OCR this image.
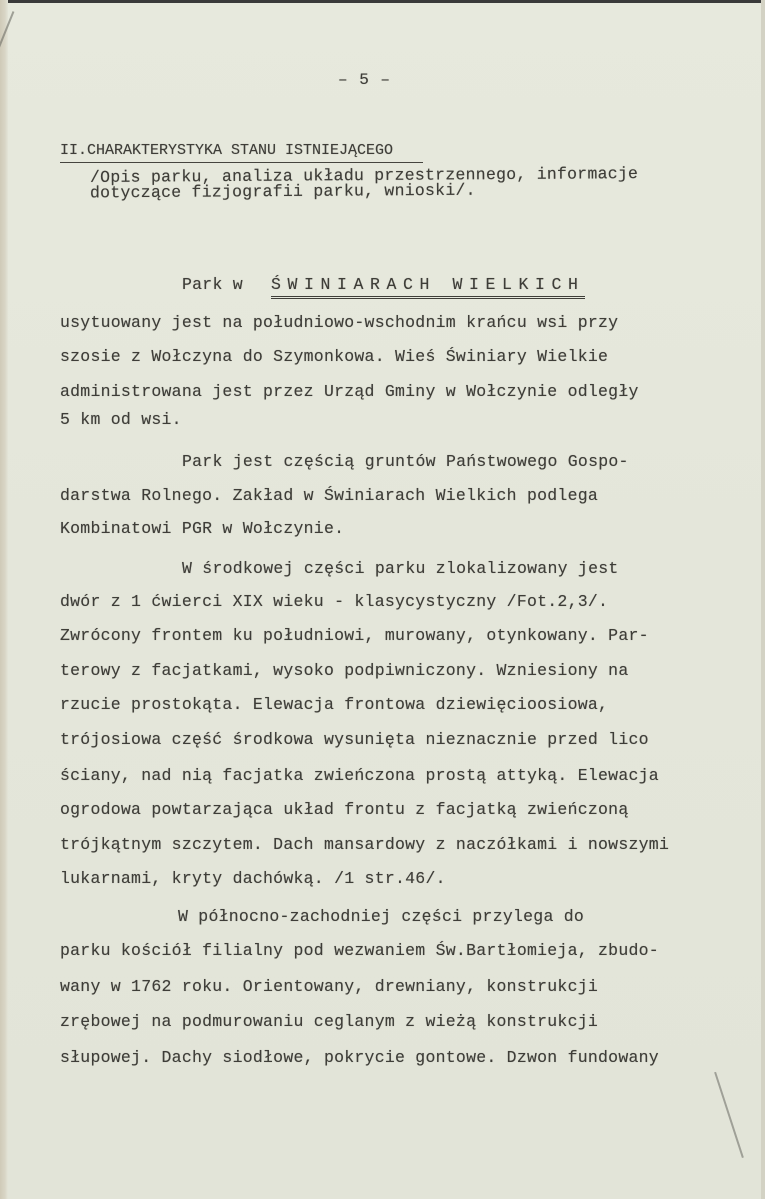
– 5 –
II.CHARAKTERYSTYKA STANU ISTNIEJĄCEGO
/Opis parku, analiza układu przestrzennego, informacje
dotyczące fizjografii parku, wnioski/.
Park w ŚWINIARACH WIELKICH
usytuowany jest na południowo-wschodnim krańcu wsi przy
szosie z Wołczyna do Szymonkowa. Wieś Świniary Wielkie
administrowana jest przez Urząd Gminy w Wołczynie odległy
5 km od wsi.
Park jest częścią gruntów Państwowego Gospo-
darstwa Rolnego. Zakład w Świniarach Wielkich podlega
Kombinatowi PGR w Wołczynie.
W środkowej części parku zlokalizowany jest
dwór z 1 ćwierci XIX wieku - klasycystyczny /Fot.2,3/.
Zwrócony frontem ku południowi, murowany, otynkowany. Par-
terowy z facjatkami, wysoko podpiwniczony. Wzniesiony na
rzucie prostokąta. Elewacja frontowa dziewięcioosiowa,
trójosiowa część środkowa wysunięta nieznacznie przed lico
ściany, nad nią facjatka zwieńczona prostą attyką. Elewacja
ogrodowa powtarzająca układ frontu z facjatką zwieńczoną
trójkątnym szczytem. Dach mansardowy z naczółkami i nowszymi
lukarnami, kryty dachówką. /1 str.46/.
W północno-zachodniej części przylega do
parku kościół filialny pod wezwaniem Św.Bartłomieja, zbudo-
wany w 1762 roku. Orientowany, drewniany, konstrukcji
zrębowej na podmurowaniu ceglanym z wieżą konstrukcji
słupowej. Dachy siodłowe, pokrycie gontowe. Dzwon fundowany
